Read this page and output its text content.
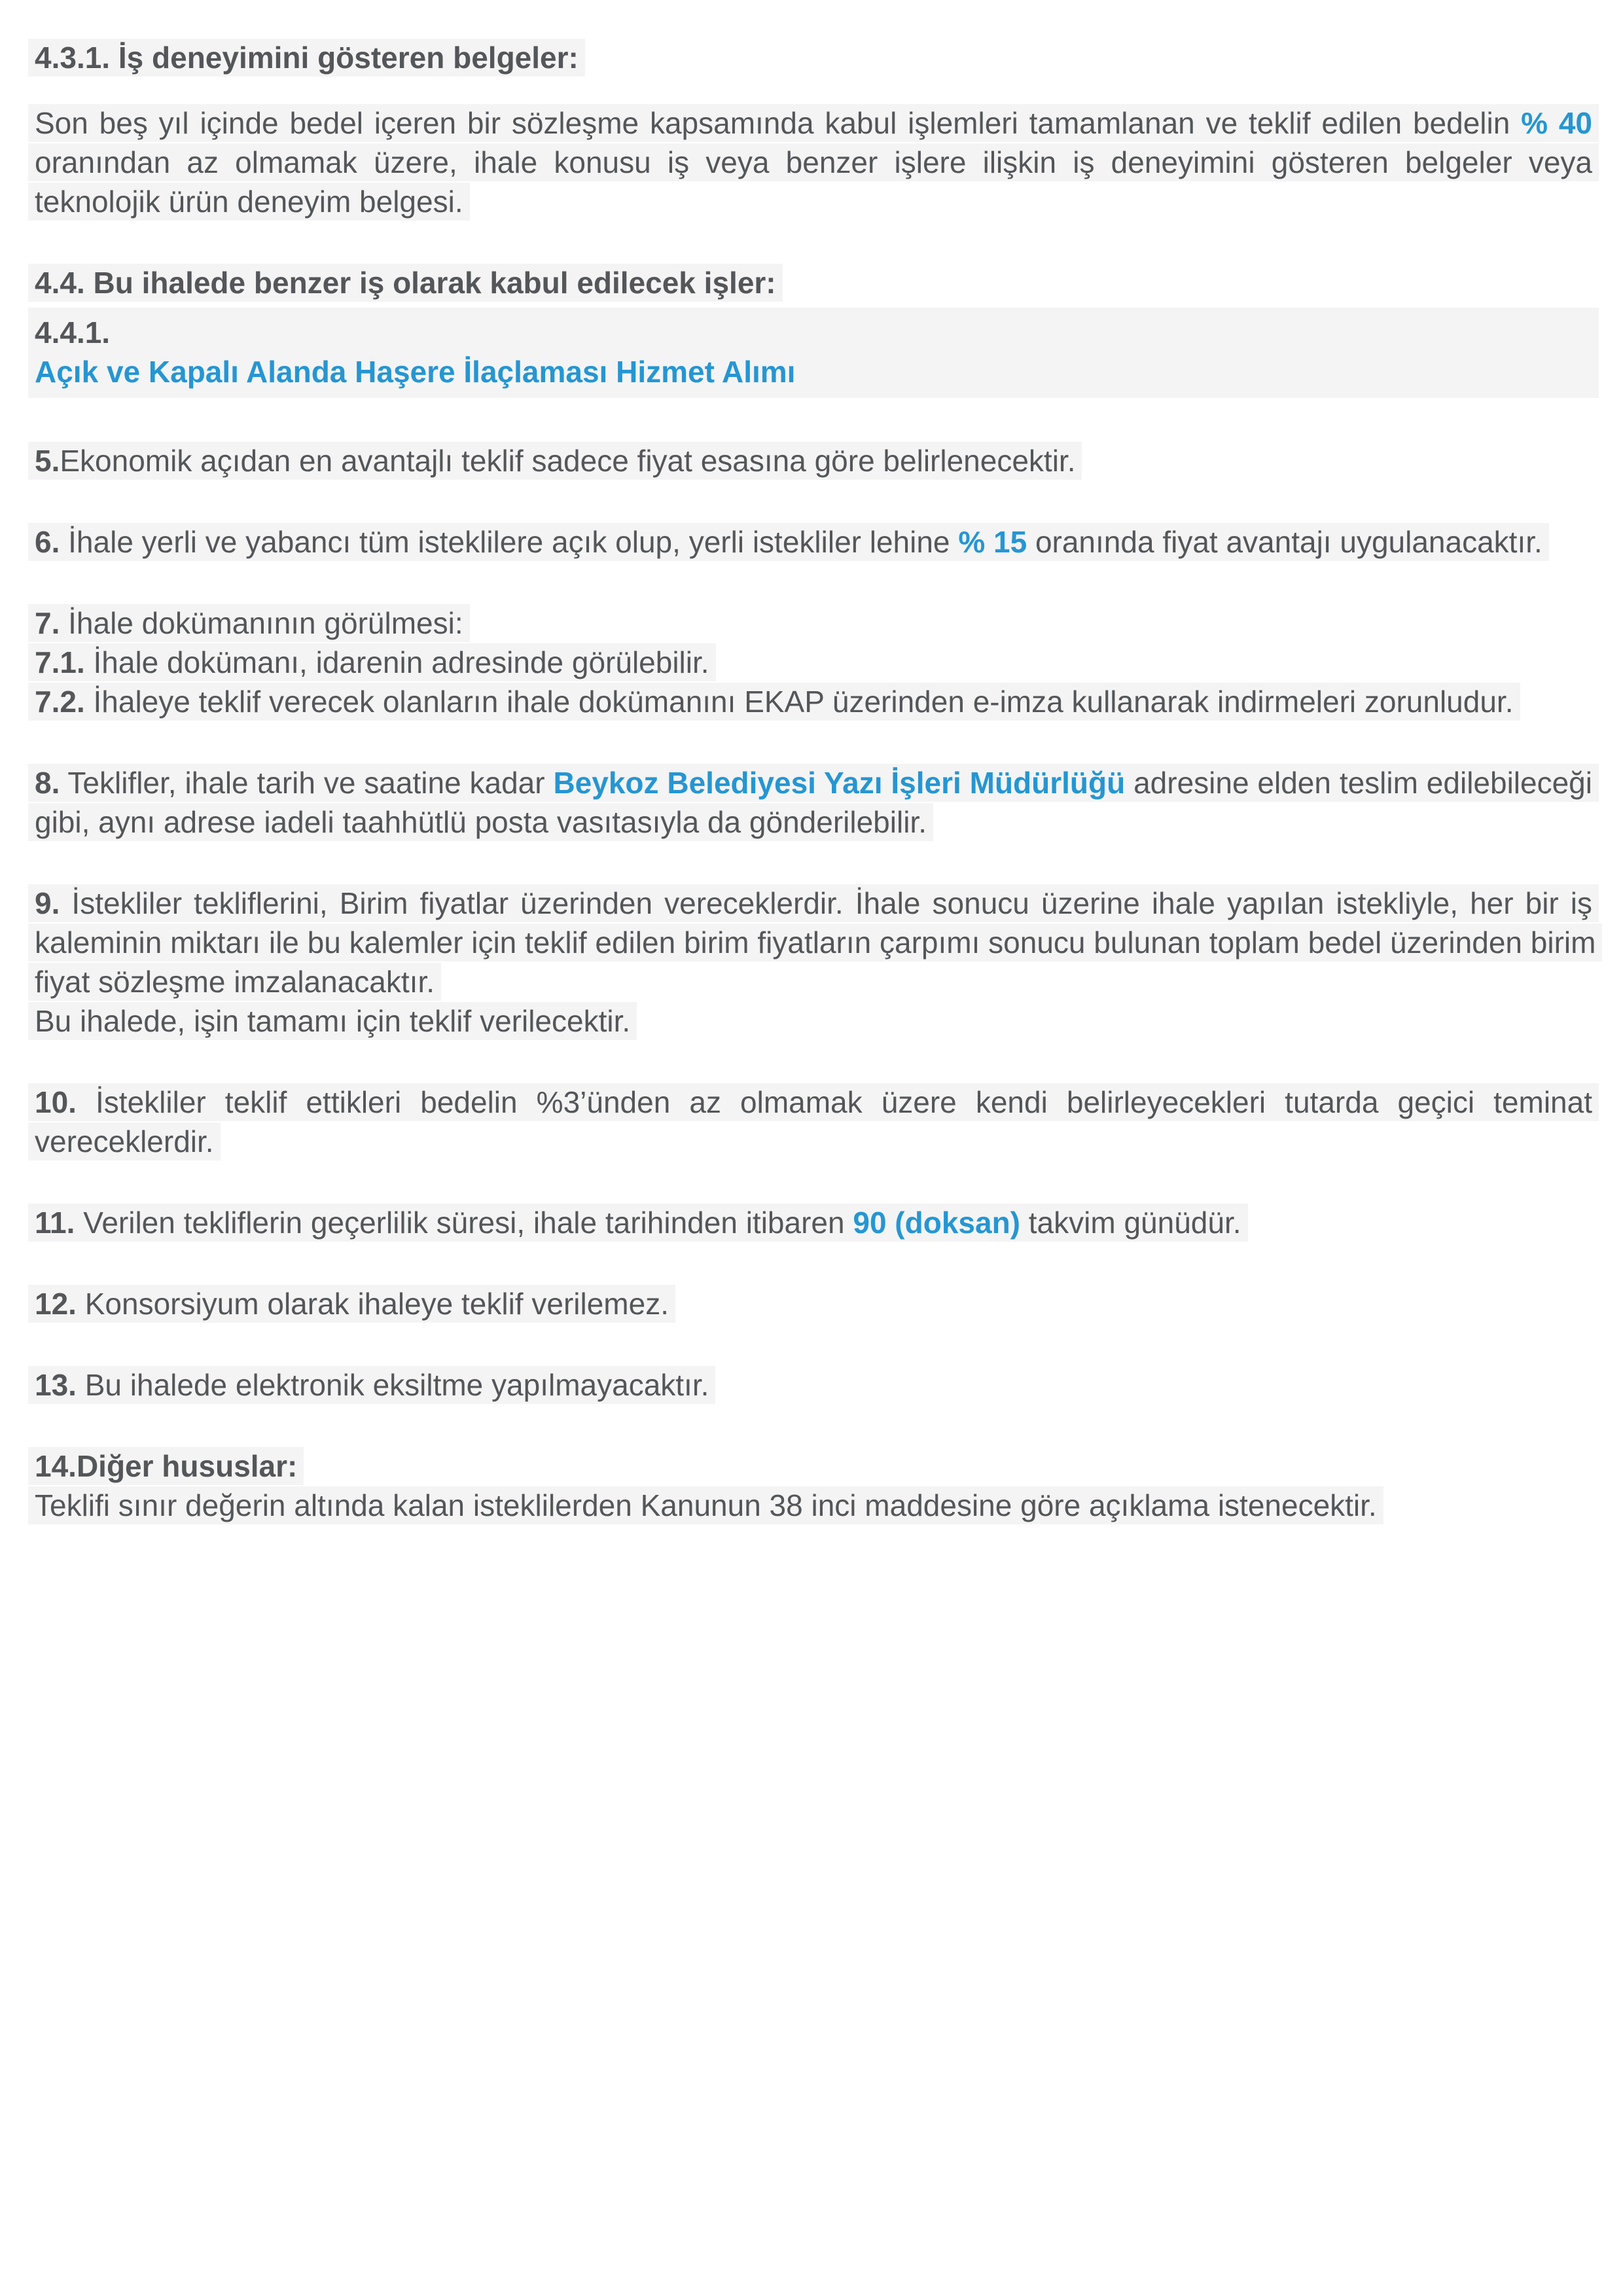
4.3.1. İş deneyimini gösteren belgeler:
Son beş yıl içinde bedel içeren bir sözleşme kapsamında kabul işlemleri tamamlanan ve teklif edilen bedelin % 40 oranından az olmamak üzere, ihale konusu iş veya benzer işlere ilişkin iş deneyimini gösteren belgeler veya teknolojik ürün deneyim belgesi.
4.4. Bu ihalede benzer iş olarak kabul edilecek işler:
4.4.1.
Açık ve Kapalı Alanda Haşere İlaçlaması Hizmet Alımı
5.Ekonomik açıdan en avantajlı teklif sadece fiyat esasına göre belirlenecektir.
6. İhale yerli ve yabancı tüm isteklilere açık olup, yerli istekliler lehine % 15 oranında fiyat avantajı uygulanacaktır.
7. İhale dokümanının görülmesi:
7.1. İhale dokümanı, idarenin adresinde görülebilir.
7.2. İhaleye teklif verecek olanların ihale dokümanını EKAP üzerinden e-imza kullanarak indirmeleri zorunludur.
8. Teklifler, ihale tarih ve saatine kadar Beykoz Belediyesi Yazı İşleri Müdürlüğü adresine elden teslim edilebileceği gibi, aynı adrese iadeli taahhütlü posta vasıtasıyla da gönderilebilir.
9. İstekliler tekliflerini, Birim fiyatlar üzerinden vereceklerdir. İhale sonucu üzerine ihale yapılan istekliyle, her bir iş kaleminin miktarı ile bu kalemler için teklif edilen birim fiyatların çarpımı sonucu bulunan toplam bedel üzerinden birim fiyat sözleşme imzalanacaktır.
Bu ihalede, işin tamamı için teklif verilecektir.
10. İstekliler teklif ettikleri bedelin %3’ünden az olmamak üzere kendi belirleyecekleri tutarda geçici teminat vereceklerdir.
11. Verilen tekliflerin geçerlilik süresi, ihale tarihinden itibaren 90 (doksan) takvim günüdür.
12. Konsorsiyum olarak ihaleye teklif verilemez.
13. Bu ihalede elektronik eksiltme yapılmayacaktır.
14.Diğer hususlar:
Teklifi sınır değerin altında kalan isteklilerden Kanunun 38 inci maddesine göre açıklama istenecektir.
